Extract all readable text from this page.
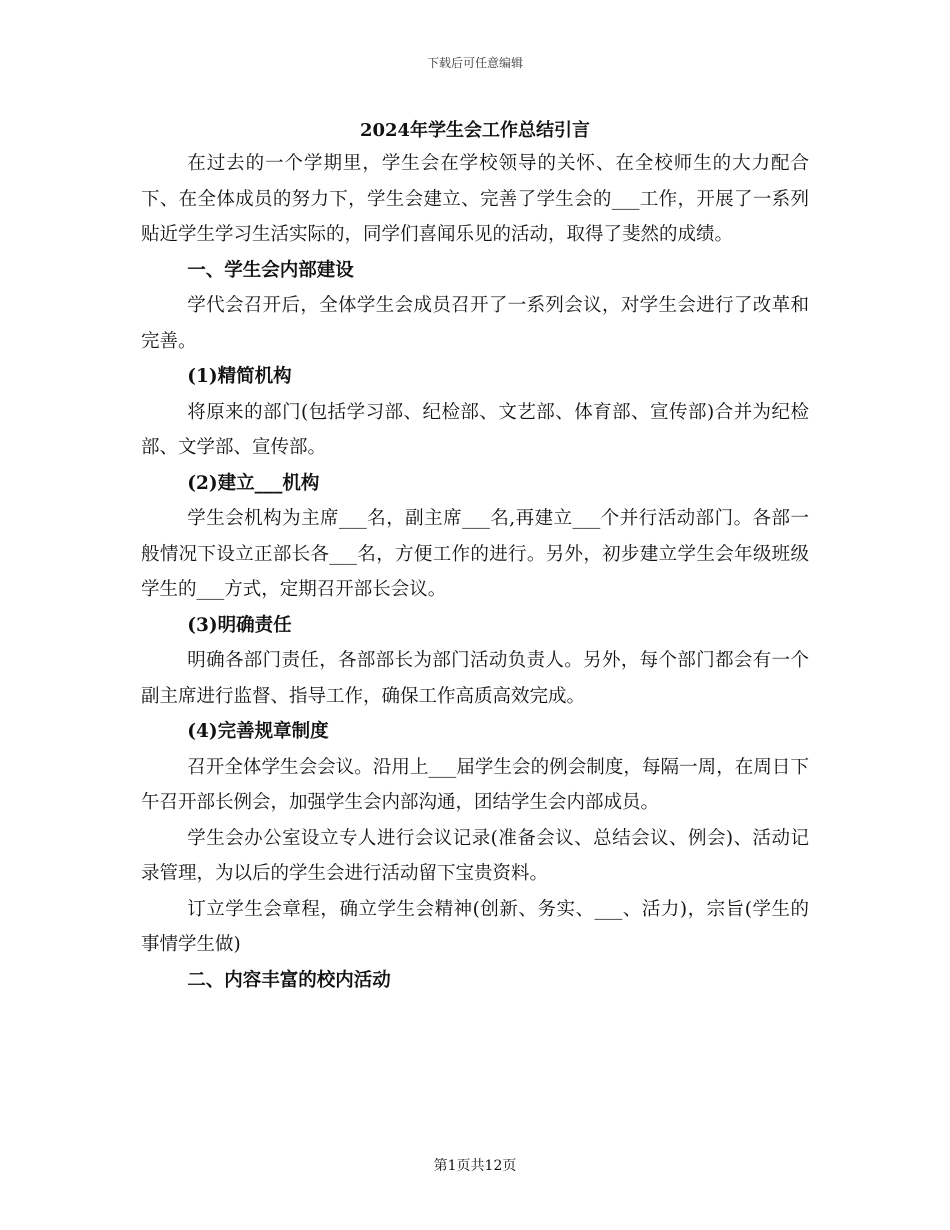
下载后可任意编辑
2024年学生会工作总结引言

在过去的一个学期里，学生会在学校领导的关怀、在全校师生的大力配合下、在全体成员的努力下，学生会建立、完善了学生会的___工作，开展了一系列贴近学生学习生活实际的，同学们喜闻乐见的活动，取得了斐然的成绩。

一、学生会内部建设

学代会召开后，全体学生会成员召开了一系列会议，对学生会进行了改革和完善。

(1)精简机构

将原来的部门(包括学习部、纪检部、文艺部、体育部、宣传部)合并为纪检部、文学部、宣传部。

(2)建立___机构

学生会机构为主席___名，副主席___名,再建立___个并行活动部门。各部一般情况下设立正部长各___名，方便工作的进行。另外，初步建立学生会年级班级学生的___方式，定期召开部长会议。

(3)明确责任

明确各部门责任，各部部长为部门活动负责人。另外，每个部门都会有一个副主席进行监督、指导工作，确保工作高质高效完成。

(4)完善规章制度

召开全体学生会会议。沿用上___届学生会的例会制度，每隔一周，在周日下午召开部长例会，加强学生会内部沟通，团结学生会内部成员。

学生会办公室设立专人进行会议记录(准备会议、总结会议、例会)、活动记录管理，为以后的学生会进行活动留下宝贵资料。

订立学生会章程，确立学生会精神(创新、务实、___、活力)，宗旨(学生的事情学生做)

二、内容丰富的校内活动

第1页共12页
